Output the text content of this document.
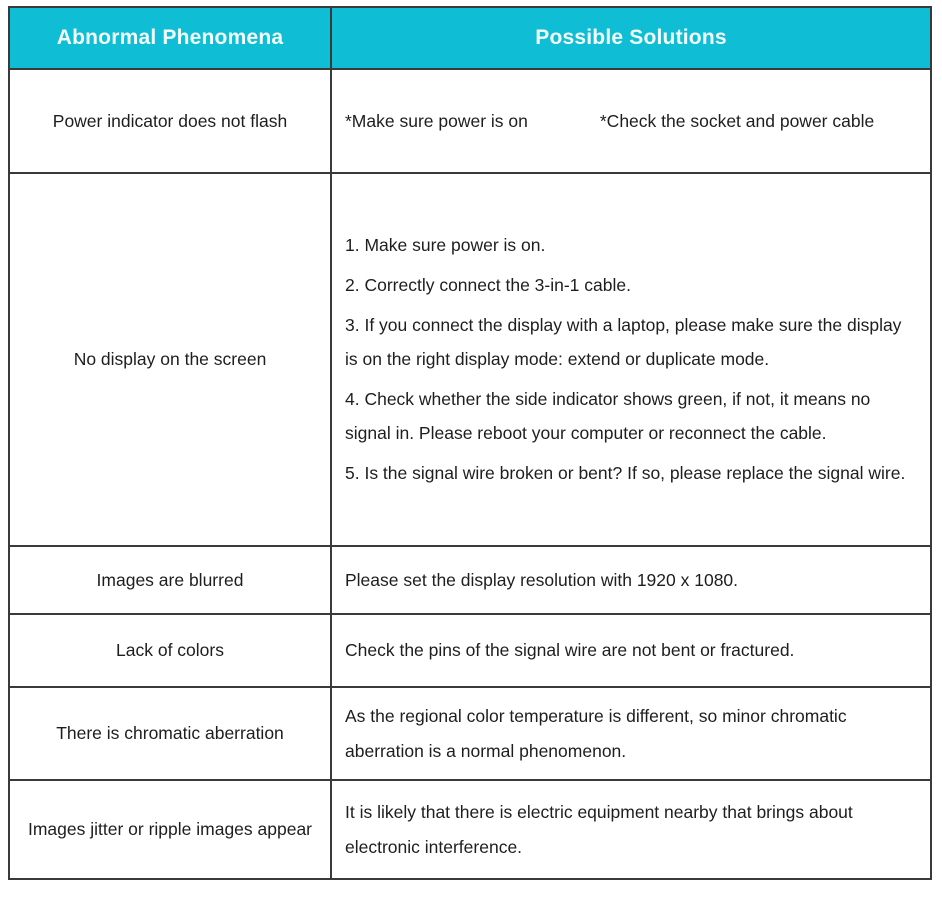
Abnormal Phenomena	Possible Solutions
Power indicator does not flash	*Make sure power is on *Check the socket and power cable

No display on the screen	1. Make sure power is on.

2. Correctly connect the 3-in-1 cable.

3. If you connect the display with a laptop, please make sure the display is on the right display mode: extend or duplicate mode.

4. Check whether the side indicator shows green, if not, it means no signal in. Please reboot your computer or reconnect the cable.

5. Is the signal wire broken or bent? If so, please replace the signal wire.

Images are blurred	Please set the display resolution with 1920 x 1080.

Lack of colors	Check the pins of the signal wire are not bent or fractured.

There is chromatic aberration	As the regional color temperature is different, so minor chromatic aberration is a normal phenomenon.

Images jitter or ripple images appear	It is likely that there is electric equipment nearby that brings about electronic interference.
